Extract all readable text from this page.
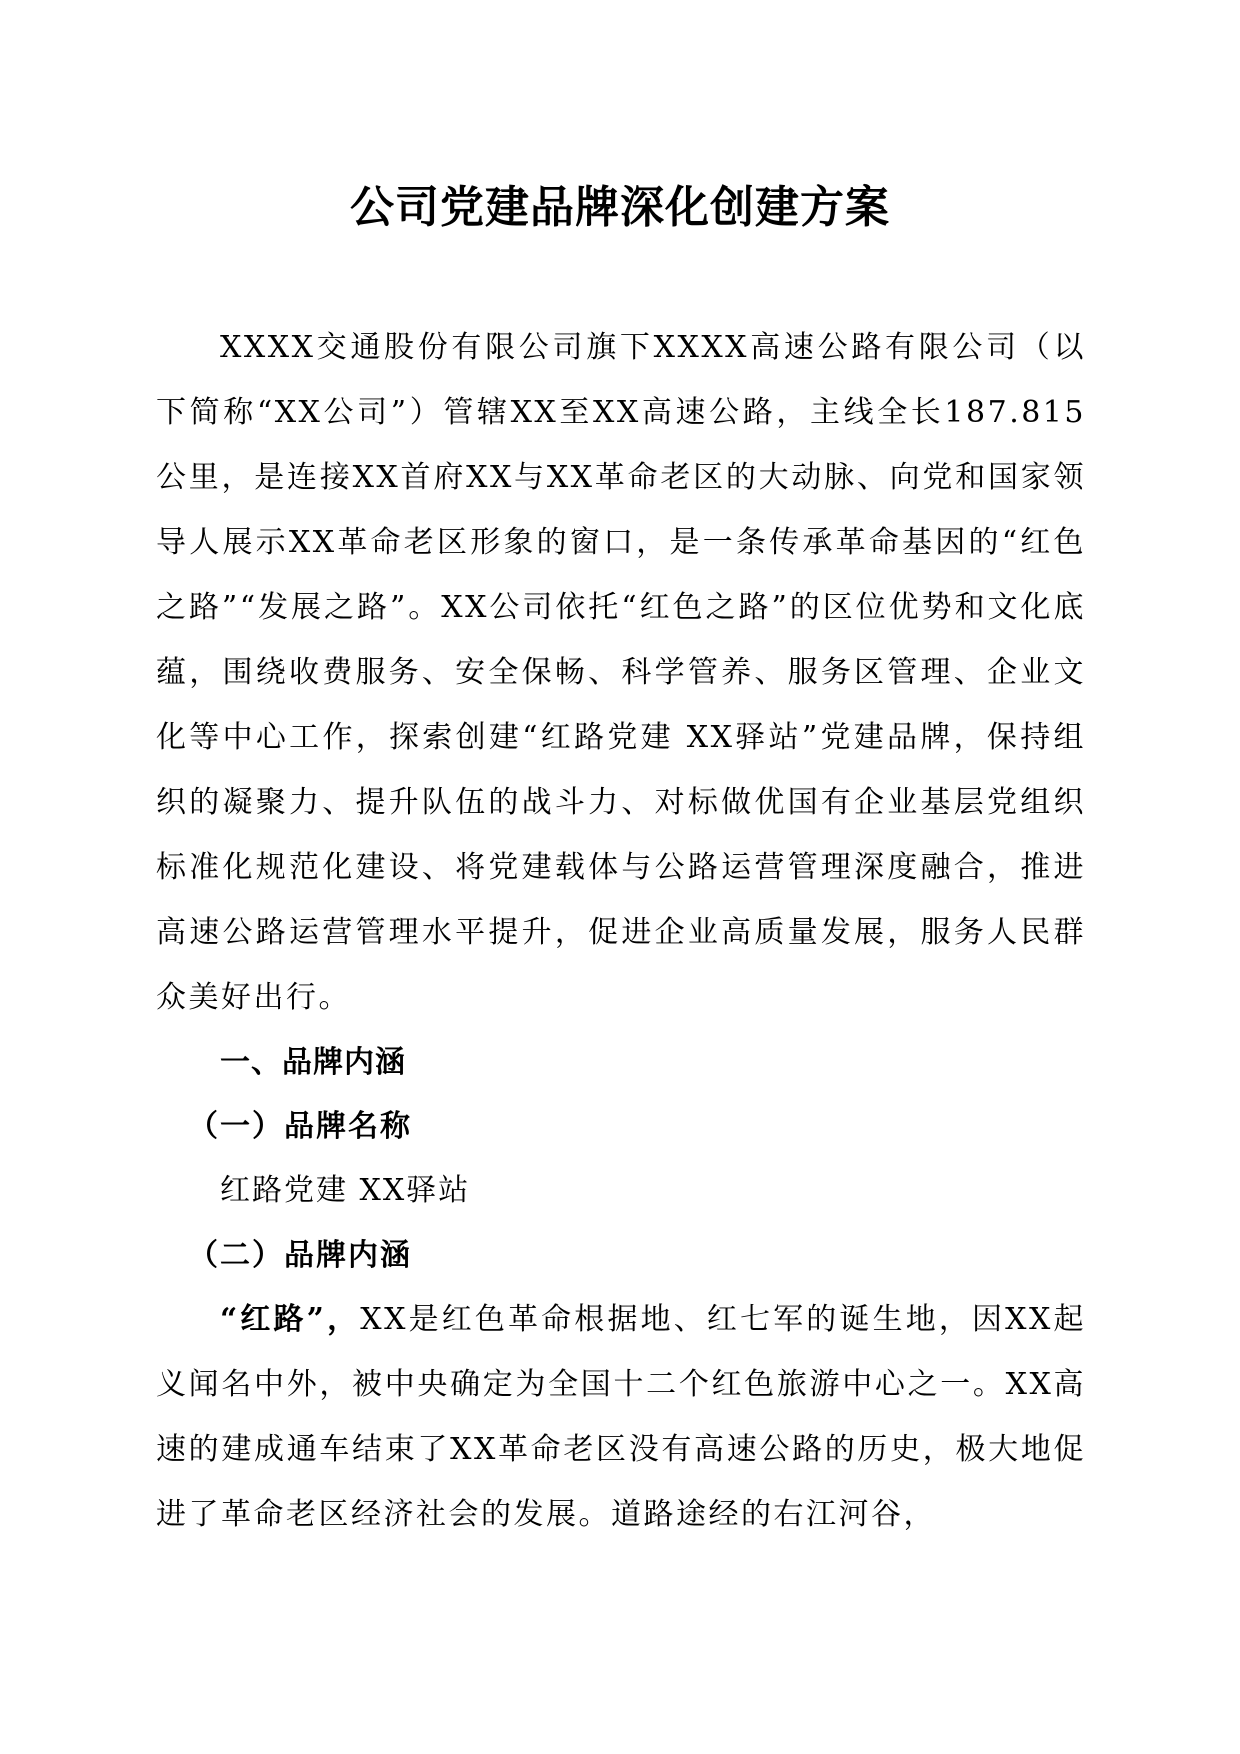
公司党建品牌深化创建方案

XXXX交通股份有限公司旗下XXXX高速公路有限公司（以下简称“XX公司”）管辖XX至XX高速公路，主线全长187.815公里，是连接XX首府XX与XX革命老区的大动脉、向党和国家领导人展示XX革命老区形象的窗口，是一条传承革命基因的“红色之路”“发展之路”。XX公司依托“红色之路”的区位优势和文化底蕴，围绕收费服务、安全保畅、科学管养、服务区管理、企业文化等中心工作，探索创建“红路党建 XX驿站”党建品牌，保持组织的凝聚力、提升队伍的战斗力、对标做优国有企业基层党组织标准化规范化建设、将党建载体与公路运营管理深度融合，推进高速公路运营管理水平提升，促进企业高质量发展，服务人民群众美好出行。

一、品牌内涵
（一）品牌名称

红路党建 XX驿站

（二）品牌内涵

“红路”，XX是红色革命根据地、红七军的诞生地，因XX起义闻名中外，被中央确定为全国十二个红色旅游中心之一。XX高速的建成通车结束了XX革命老区没有高速公路的历史，极大地促进了革命老区经济社会的发展。道路途经的右江河谷，
